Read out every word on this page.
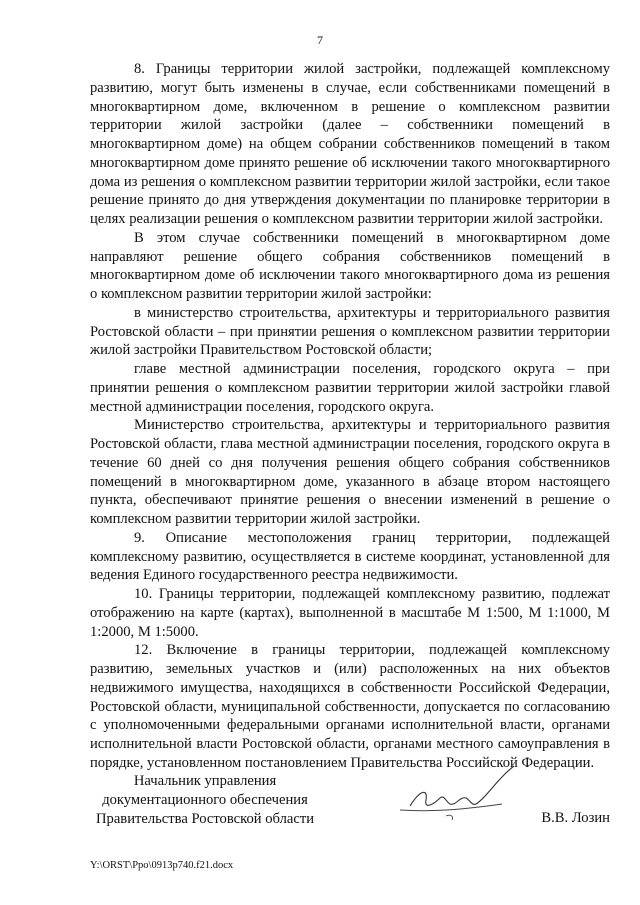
7

8. Границы территории жилой застройки, подлежащей комплексному развитию, могут быть изменены в случае, если собственниками помещений в многоквартирном доме, включенном в решение о комплексном развитии территории жилой застройки (далее – собственники помещений в многоквартирном доме) на общем собрании собственников помещений в таком многоквартирном доме принято решение об исключении такого многоквартирного дома из решения о комплексном развитии территории жилой застройки, если такое решение принято до дня утверждения документации по планировке территории в целях реализации решения о комплексном развитии территории жилой застройки.

В этом случае собственники помещений в многоквартирном доме направляют решение общего собрания собственников помещений в многоквартирном доме об исключении такого многоквартирного дома из решения о комплексном развитии территории жилой застройки:

в министерство строительства, архитектуры и территориального развития Ростовской области – при принятии решения о комплексном развитии территории жилой застройки Правительством Ростовской области;

главе местной администрации поселения, городского округа – при принятии решения о комплексном развитии территории жилой застройки главой местной администрации поселения, городского округа.

Министерство строительства, архитектуры и территориального развития Ростовской области, глава местной администрации поселения, городского округа в течение 60 дней со дня получения решения общего собрания собственников помещений в многоквартирном доме, указанного в абзаце втором настоящего пункта, обеспечивают принятие решения о внесении изменений в решение о комплексном развитии территории жилой застройки.

9. Описание местоположения границ территории, подлежащей комплексному развитию, осуществляется в системе координат, установленной для ведения Единого государственного реестра недвижимости.

10. Границы территории, подлежащей комплексному развитию, подлежат отображению на карте (картах), выполненной в масштабе М 1:500, М 1:1000, М 1:2000, М 1:5000.

12. Включение в границы территории, подлежащей комплексному развитию, земельных участков и (или) расположенных на них объектов недвижимого имущества, находящихся в собственности Российской Федерации, Ростовской области, муниципальной собственности, допускается по согласованию с уполномоченными федеральными органами исполнительной власти, органами исполнительной власти Ростовской области, органами местного самоуправления в порядке, установленном постановлением Правительства Российской Федерации.

Начальник управления
документационного обеспечения
Правительства Ростовской области	В.В. Лозин
Y:\ORST\Ppo\0913p740.f21.docx
